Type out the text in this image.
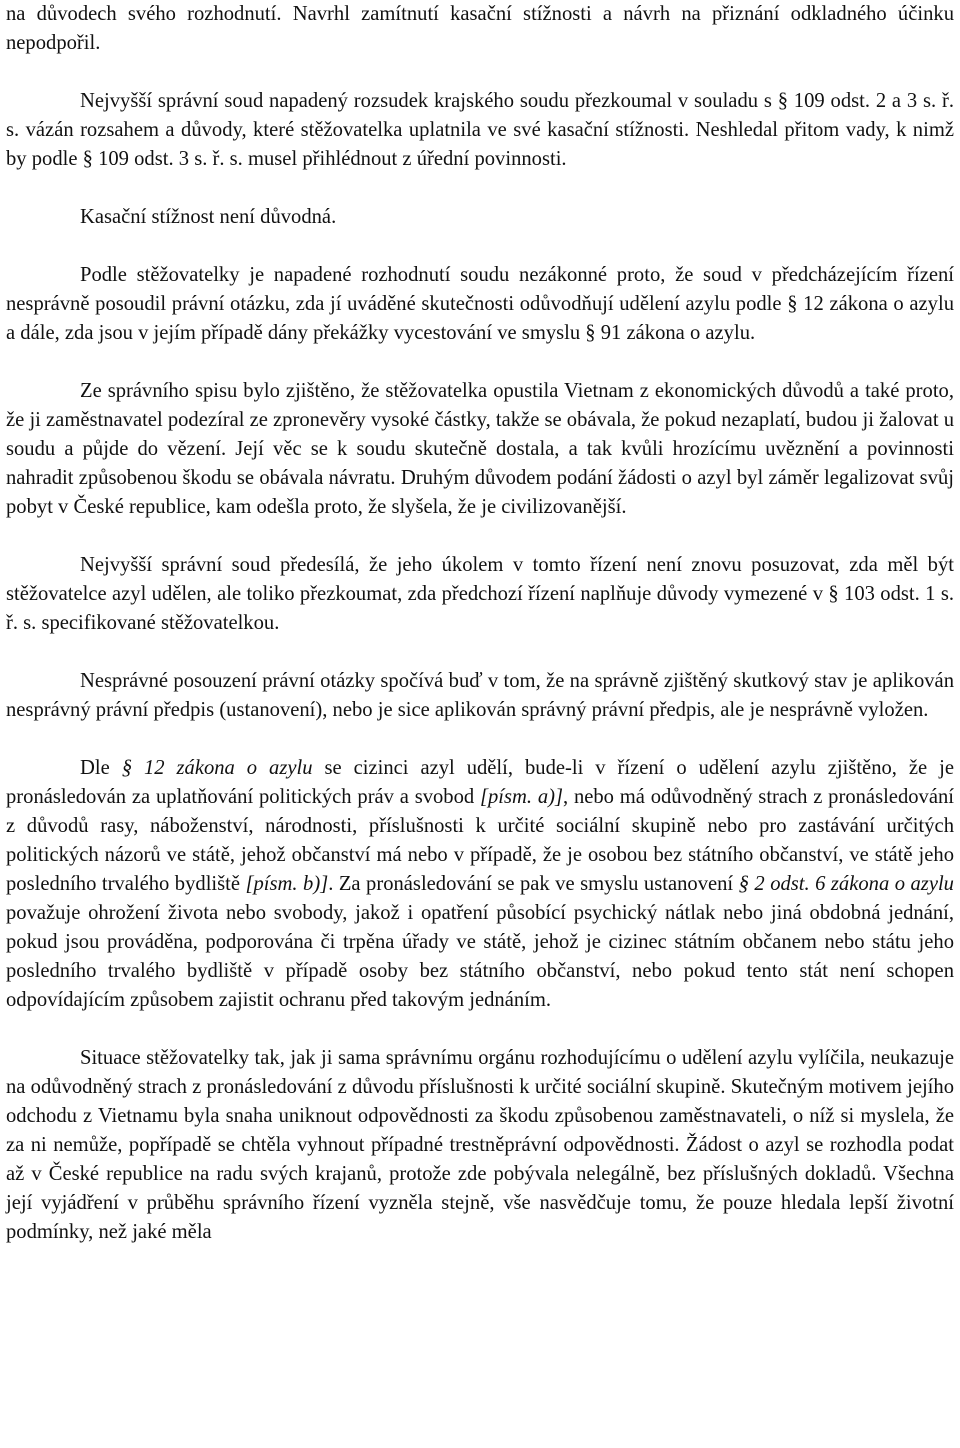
na důvodech svého rozhodnutí. Navrhl zamítnutí kasační stížnosti a návrh na přiznání odkladného účinku nepodpořil.

Nejvyšší správní soud napadený rozsudek krajského soudu přezkoumal v souladu s § 109 odst. 2 a 3 s. ř. s. vázán rozsahem a důvody, které stěžovatelka uplatnila ve své kasační stížnosti. Neshledal přitom vady, k nimž by podle § 109 odst. 3 s. ř. s. musel přihlédnout z úřední povinnosti.

Kasační stížnost není důvodná.

Podle stěžovatelky je napadené rozhodnutí soudu nezákonné proto, že soud v předcházejícím řízení nesprávně posoudil právní otázku, zda jí uváděné skutečnosti odůvodňují udělení azylu podle § 12 zákona o azylu a dále, zda jsou v jejím případě dány překážky vycestování ve smyslu § 91 zákona o azylu.

Ze správního spisu bylo zjištěno, že stěžovatelka opustila Vietnam z ekonomických důvodů a také proto, že ji zaměstnavatel podezíral ze zpronevěry vysoké částky, takže se obávala, že pokud nezaplatí, budou ji žalovat u soudu a půjde do vězení. Její věc se k soudu skutečně dostala, a tak kvůli hrozícímu uvěznění a povinnosti nahradit způsobenou škodu se obávala návratu. Druhým důvodem podání žádosti o azyl byl záměr legalizovat svůj pobyt v České republice, kam odešla proto, že slyšela, že je civilizovanější.

Nejvyšší správní soud předesílá, že jeho úkolem v tomto řízení není znovu posuzovat, zda měl být stěžovatelce azyl udělen, ale toliko přezkoumat, zda předchozí řízení naplňuje důvody vymezené v § 103 odst. 1 s. ř. s. specifikované stěžovatelkou.

Nesprávné posouzení právní otázky spočívá buď v tom, že na správně zjištěný skutkový stav je aplikován nesprávný právní předpis (ustanovení), nebo je sice aplikován správný právní předpis, ale je nesprávně vyložen.

Dle § 12 zákona o azylu se cizinci azyl udělí, bude-li v řízení o udělení azylu zjištěno, že je pronásledován za uplatňování politických práv a svobod [písm. a)], nebo má odůvodněný strach z pronásledování z důvodů rasy, náboženství, národnosti, příslušnosti k určité sociální skupině nebo pro zastávání určitých politických názorů ve státě, jehož občanství má nebo v případě, že je osobou bez státního občanství, ve státě jeho posledního trvalého bydliště [písm. b)]. Za pronásledování se pak ve smyslu ustanovení § 2 odst. 6 zákona o azylu považuje ohrožení života nebo svobody, jakož i opatření působící psychický nátlak nebo jiná obdobná jednání, pokud jsou prováděna, podporována či trpěna úřady ve státě, jehož je cizinec státním občanem nebo státu jeho posledního trvalého bydliště v případě osoby bez státního občanství, nebo pokud tento stát není schopen odpovídajícím způsobem zajistit ochranu před takovým jednáním.

Situace stěžovatelky tak, jak ji sama správnímu orgánu rozhodujícímu o udělení azylu vylíčila, neukazuje na odůvodněný strach z pronásledování z důvodu příslušnosti k určité sociální skupině. Skutečným motivem jejího odchodu z Vietnamu byla snaha uniknout odpovědnosti za škodu způsobenou zaměstnavateli, o níž si myslela, že za ni nemůže, popřípadě se chtěla vyhnout případné trestněprávní odpovědnosti. Žádost o azyl se rozhodla podat až v České republice na radu svých krajanů, protože zde pobývala nelegálně, bez příslušných dokladů. Všechna její vyjádření v průběhu správního řízení vyzněla stejně, vše nasvědčuje tomu, že pouze hledala lepší životní podmínky, než jaké měla
